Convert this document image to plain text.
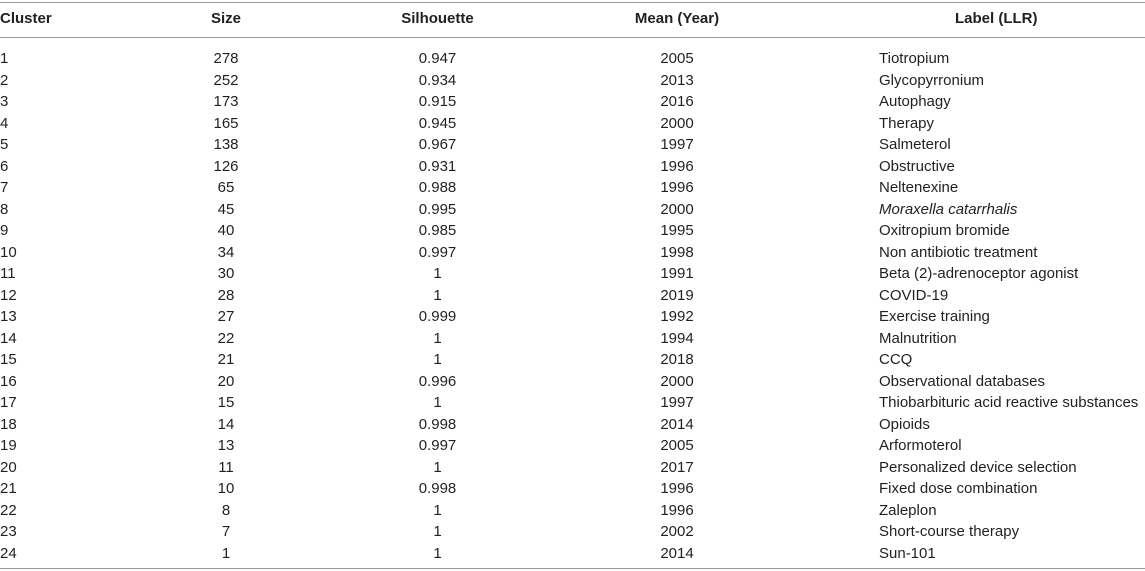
Cluster	Size	Silhouette	Mean (Year)	Label (LLR)
1	278	0.947	2005	Tiotropium
2	252	0.934	2013	Glycopyrronium
3	173	0.915	2016	Autophagy
4	165	0.945	2000	Therapy
5	138	0.967	1997	Salmeterol
6	126	0.931	1996	Obstructive
7	65	0.988	1996	Neltenexine
8	45	0.995	2000	Moraxella catarrhalis
9	40	0.985	1995	Oxitropium bromide
10	34	0.997	1998	Non antibiotic treatment
11	30	1	1991	Beta (2)-adrenoceptor agonist
12	28	1	2019	COVID-19
13	27	0.999	1992	Exercise training
14	22	1	1994	Malnutrition
15	21	1	2018	CCQ
16	20	0.996	2000	Observational databases
17	15	1	1997	Thiobarbituric acid reactive substances
18	14	0.998	2014	Opioids
19	13	0.997	2005	Arformoterol
20	11	1	2017	Personalized device selection
21	10	0.998	1996	Fixed dose combination
22	8	1	1996	Zaleplon
23	7	1	2002	Short-course therapy
24	1	1	2014	Sun-101
